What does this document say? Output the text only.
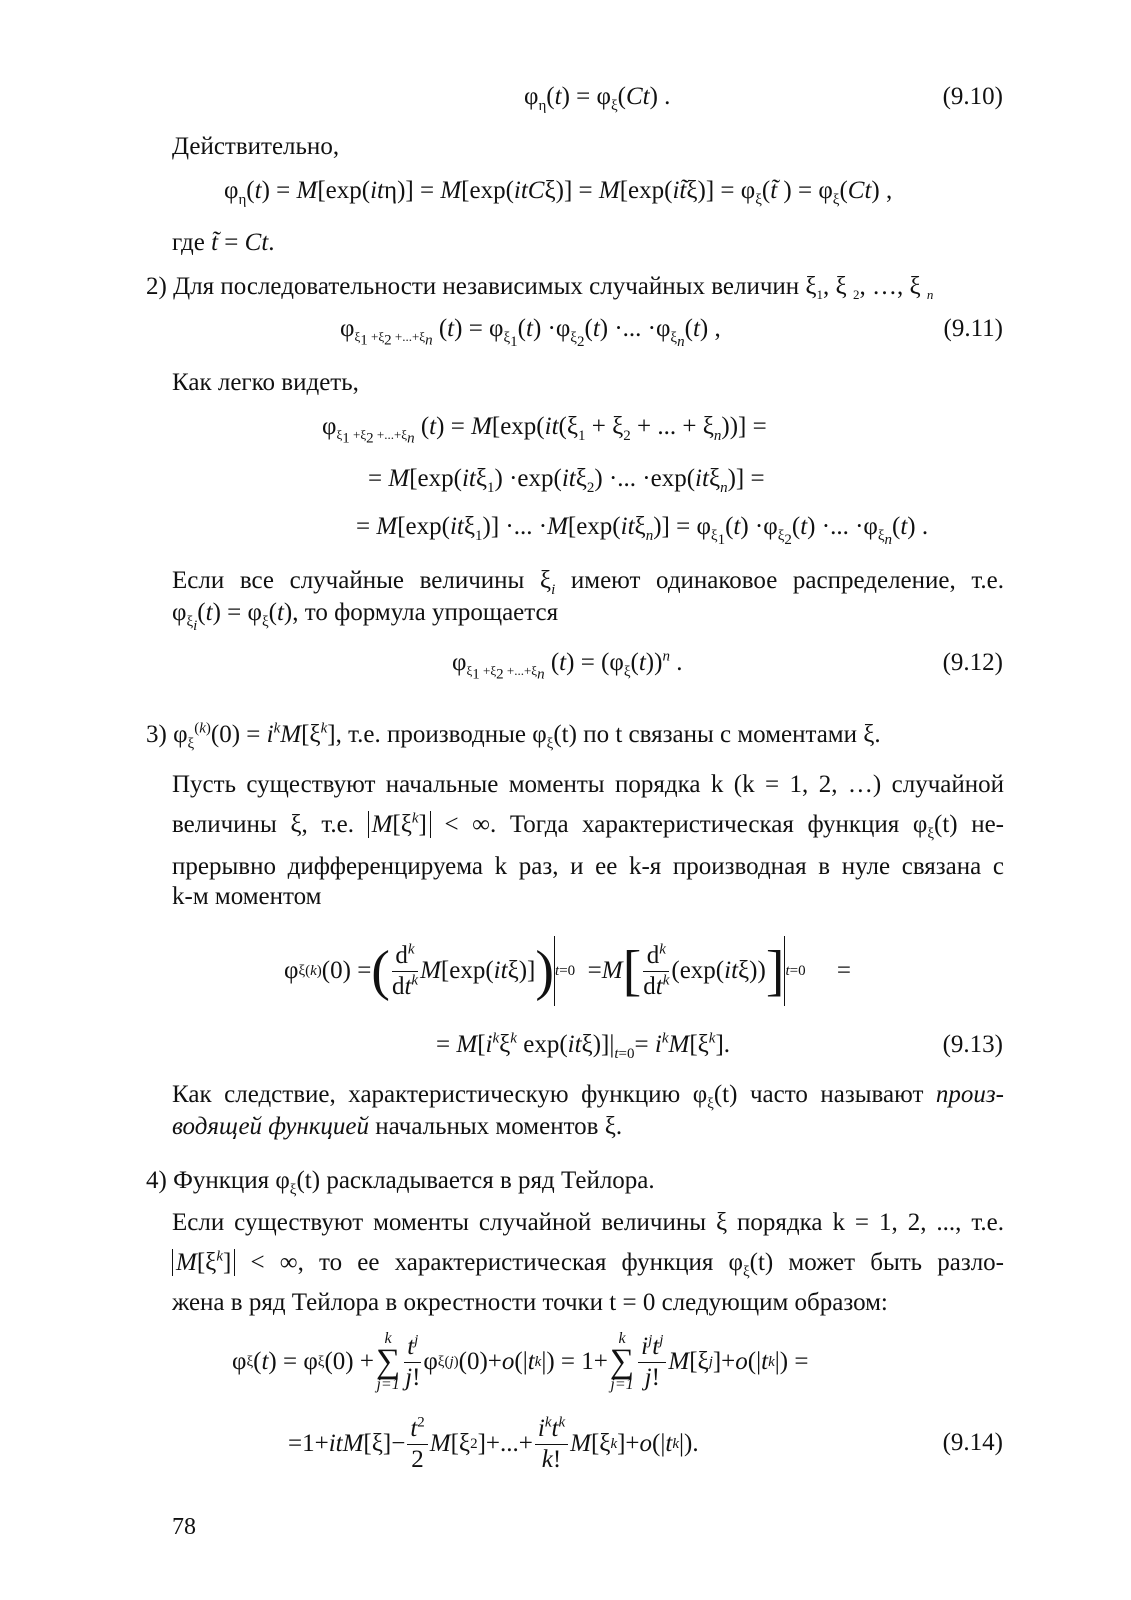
$\varphi_\eta(t) = \varphi_\xi(Ct)$ .	(9.10)
Действительно,
$\varphi_\eta(t) = M[\exp(it\eta)] = M[\exp(itC\xi)]$ = M[exp(it̃ξ)] = $\varphi_\xi(t̃$ ) = $\varphi_\xi(Ct)$ ,
где t̃ = Ct.
2) Для последовательности независимых случайных величин $\xi_1$, ξ $_2$, …, ξ $_n$
$\varphi_{\xi_1 +\xi_2 +...+\xi_n}$ $(t) = \varphi_{\xi_1}(t) \cdot\varphi_{\xi_2}(t)$ ·... $\cdot\varphi_{\xi_n}(t)$ ,	(9.11)
Как легко видеть,
$\varphi_{\xi_1 +\xi_2 +...+\xi_n}$ $(t) = M[\exp(it(\xi_1 + \xi_2$ + ... + $\xi_n$))] =
= M[exp(itξ$_1$) ·exp(itξ$_2$) ·... ·exp(itξ$_n$)] =
= M[exp(itξ$_1$)] ·... $\cdot M[\exp(it\xi_n)] = \varphi_{\xi_1}(t) \cdot\varphi_{\xi_2}(t)$ ·... $\cdot\varphi_{\xi_n}(t)$ .
Если все случайные величины $\xi_i$ имеют одинаковое распределение, т.е.
$\varphi_{\xi_i}(t) = \varphi_\xi(t)$, то формула упрощается
$\varphi_{\xi_1 +\xi_2 +...+\xi_n}$ $(t) = (\varphi_\xi(t))^n$ .	(9.12)
3) $\varphi_\xi^{(k)}(0) = i^kM[\xi^k]$, т.е. производные $\varphi_\xi(t)$ по t связаны с моментами ξ.
Пусть существуют начальные моменты порядка k (k = 1, 2, …) случайной
величины ξ, т.е. $M[\xi^k]$ < ∞. Тогда характеристическая функция $\varphi_\xi(t)$ не-
прерывно дифференцируема k раз, и ее k-я производная в нуле связана с
k-м моментом
φ ξ (k) (0) = ( $\frac{d^k}{dt^k}$ M [exp( it ξ)] ) t=0 = M [ $\frac{d^k}{dt^k} (\exp$( it ξ)) ] t=0 =
= $M[i^k\xi^k$ $\exp(it\xi)]|_{t=0}= i^kM[\xi^k]$.	(9.13)
Как следствие, характеристическую функцию $\varphi_\xi(t)$ часто называют произ-
водящей функцией начальных моментов ξ.
4) Функция $\varphi_\xi(t)$ раскладывается в ряд Тейлора.
Если существуют моменты случайной величины ξ порядка k = 1, 2, ..., т.е.
$M[\xi^k]$ < ∞, то ее характеристическая функция $\varphi_\xi(t)$ может быть разло-
жена в ряд Тейлора в окрестности точки t = 0 следующим образом:
φ ξ ( t ) = φ ξ (0) +
k
∑
$j=1 \frac{t^j}{j!}$ φ ξ (j) (0)+ o (| t k |) = 1+
k
∑
$j=1 \frac{i^jt^j}{j!}$ M [ξ j ]+ o (| t k |) =
=1+ itM $[\xi]- \frac{t^2}{2}$ M [ξ 2 ]+...+ $\frac{i^kt^k}{k!}$ M [ξ k ]+ o (| t k |).	(9.14)
78
